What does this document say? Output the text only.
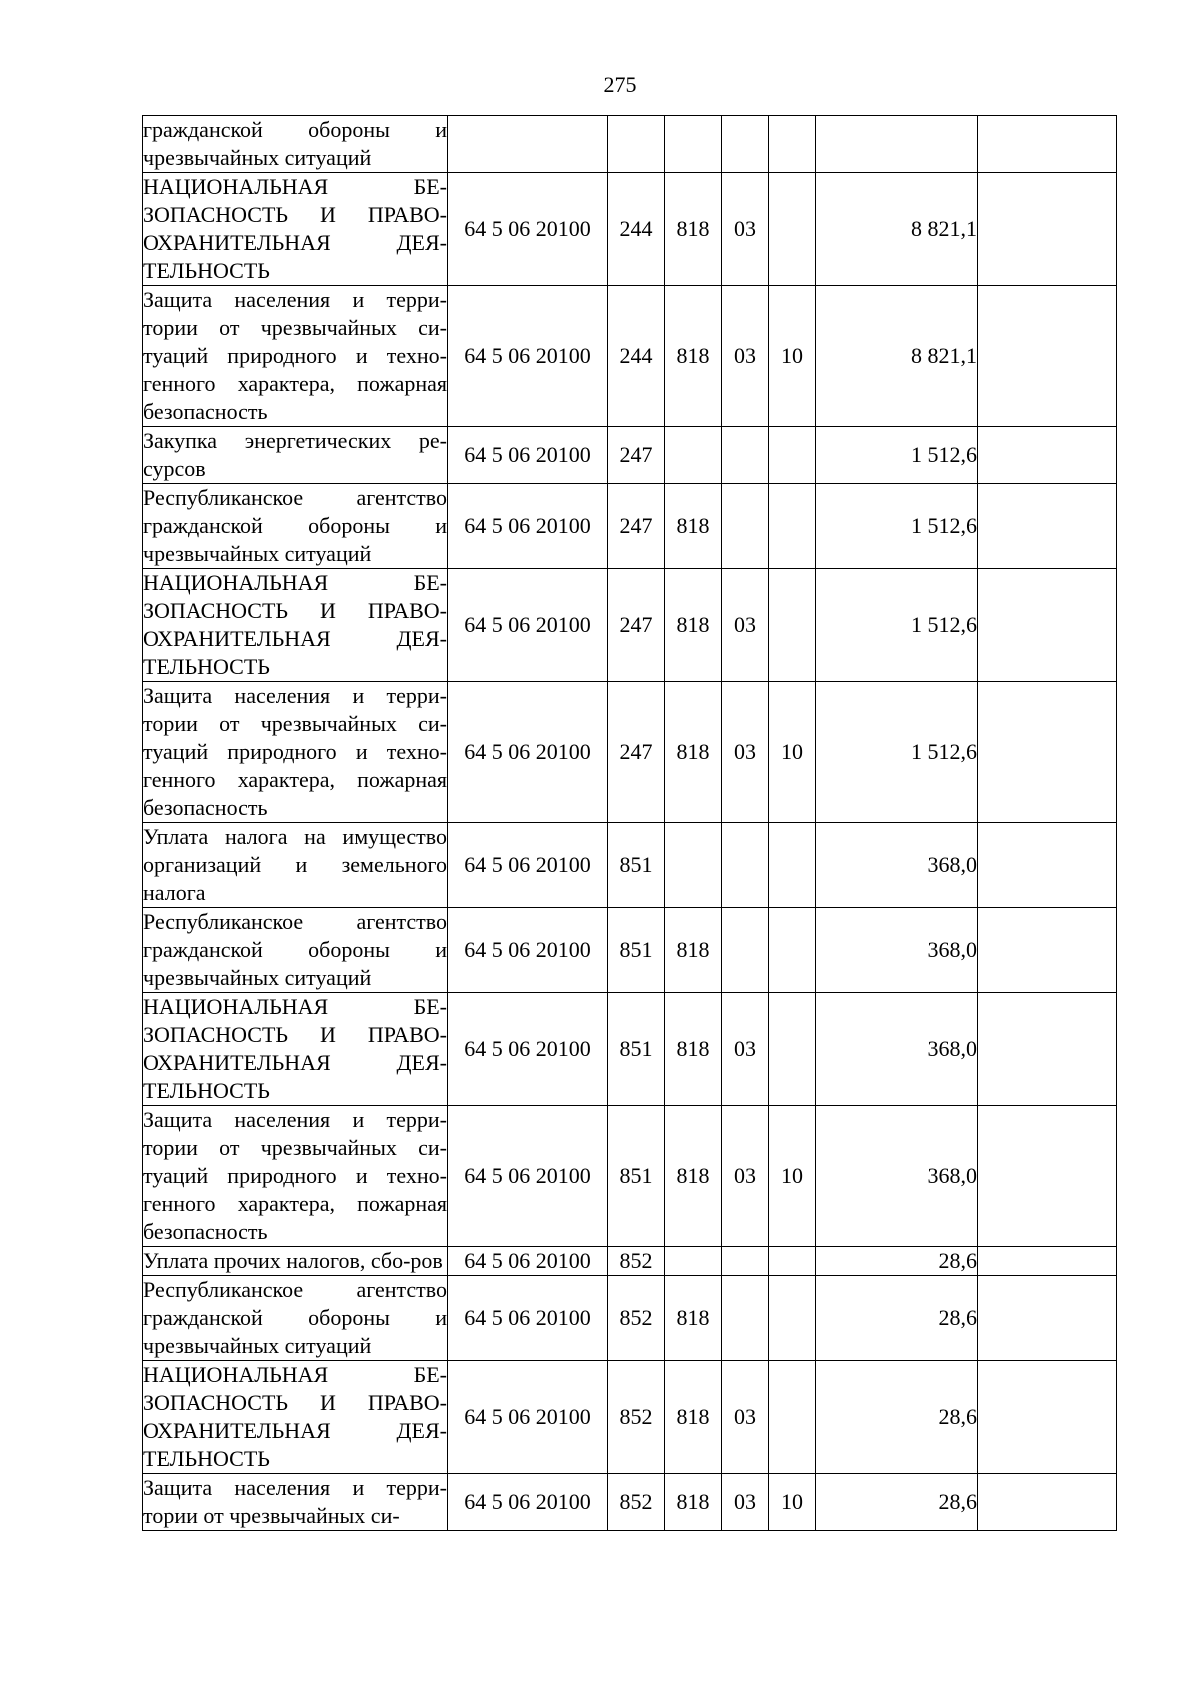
275
гражданской обороны и чрезвычайных ситуаций							
НАЦИОНАЛЬНАЯ БЕ-ЗОПАСНОСТЬ И ПРАВО-ОХРАНИТЕЛЬНАЯ ДЕЯ-ТЕЛЬНОСТЬ	64 5 06 20100	244	818	03		8 821,1	
Защита населения и терри-тории от чрезвычайных си-туаций природного и техно-генного характера, пожарная безопасность	64 5 06 20100	244	818	03	10	8 821,1	
Закупка энергетических ре-сурсов	64 5 06 20100	247				1 512,6	
Республиканское агентство гражданской обороны и чрезвычайных ситуаций	64 5 06 20100	247	818			1 512,6	
НАЦИОНАЛЬНАЯ БЕ-ЗОПАСНОСТЬ И ПРАВО-ОХРАНИТЕЛЬНАЯ ДЕЯ-ТЕЛЬНОСТЬ	64 5 06 20100	247	818	03		1 512,6	
Защита населения и терри-тории от чрезвычайных си-туаций природного и техно-генного характера, пожарная безопасность	64 5 06 20100	247	818	03	10	1 512,6	
Уплата налога на имущество организаций и земельного налога	64 5 06 20100	851				368,0	
Республиканское агентство гражданской обороны и чрезвычайных ситуаций	64 5 06 20100	851	818			368,0	
НАЦИОНАЛЬНАЯ БЕ-ЗОПАСНОСТЬ И ПРАВО-ОХРАНИТЕЛЬНАЯ ДЕЯ-ТЕЛЬНОСТЬ	64 5 06 20100	851	818	03		368,0	
Защита населения и терри-тории от чрезвычайных си-туаций природного и техно-генного характера, пожарная безопасность	64 5 06 20100	851	818	03	10	368,0	
Уплата прочих налогов, сбо-ров	64 5 06 20100	852				28,6	
Республиканское агентство гражданской обороны и чрезвычайных ситуаций	64 5 06 20100	852	818			28,6	
НАЦИОНАЛЬНАЯ БЕ-ЗОПАСНОСТЬ И ПРАВО-ОХРАНИТЕЛЬНАЯ ДЕЯ-ТЕЛЬНОСТЬ	64 5 06 20100	852	818	03		28,6	
Защита населения и терри-тории от чрезвычайных си-	64 5 06 20100	852	818	03	10	28,6	
